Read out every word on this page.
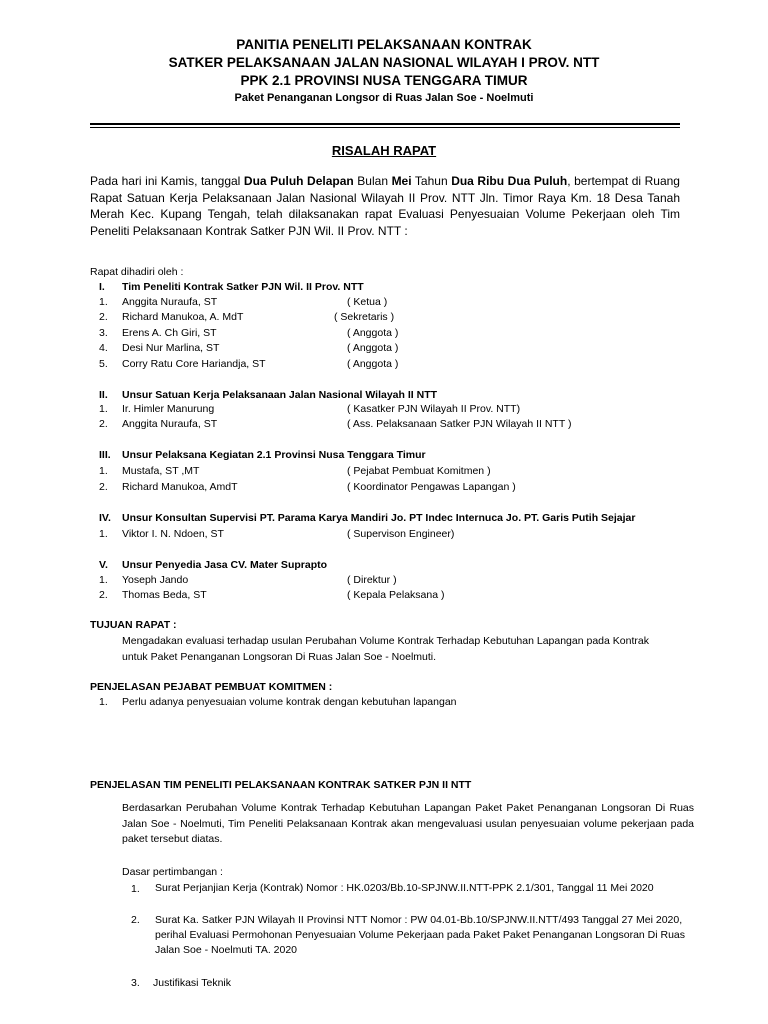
PANITIA PENELITI PELAKSANAAN KONTRAK
SATKER PELAKSANAAN JALAN NASIONAL WILAYAH I PROV. NTT
PPK 2.1 PROVINSI NUSA TENGGARA TIMUR
Paket Penanganan Longsor di Ruas Jalan Soe - Noelmuti
RISALAH RAPAT
Pada hari ini Kamis, tanggal Dua Puluh Delapan Bulan Mei Tahun Dua Ribu Dua Puluh, bertempat di Ruang Rapat Satuan Kerja Pelaksanaan Jalan Nasional Wilayah II Prov. NTT Jln. Timor Raya Km. 18 Desa Tanah Merah Kec. Kupang Tengah, telah dilaksanakan rapat Evaluasi Penyesuaian Volume Pekerjaan oleh Tim Peneliti Pelaksanaan Kontrak Satker PJN Wil. II Prov. NTT :
Rapat dihadiri oleh :
I. Tim Peneliti Kontrak Satker PJN Wil. II Prov. NTT
1. Anggita Nuraufa, ST	( Ketua )
2. Richard Manukoa, A. MdT	( Sekretaris )
3. Erens A. Ch Giri, ST	( Anggota )
4. Desi Nur Marlina, ST	( Anggota )
5. Corry Ratu Core Hariandja, ST	( Anggota )
II. Unsur Satuan Kerja Pelaksanaan Jalan Nasional Wilayah II NTT
1. Ir. Himler Manurung	( Kasatker PJN Wilayah II Prov. NTT)
2. Anggita Nuraufa, ST	( Ass. Pelaksanaan Satker PJN Wilayah II NTT )
III. Unsur Pelaksana Kegiatan 2.1 Provinsi Nusa Tenggara Timur
1. Mustafa, ST ,MT	( Pejabat Pembuat Komitmen )
2. Richard Manukoa, AmdT	( Koordinator Pengawas Lapangan )
IV. Unsur Konsultan Supervisi PT. Parama Karya Mandiri Jo. PT Indec Internuca Jo. PT. Garis Putih Sejajar
1. Viktor I. N. Ndoen, ST	( Supervison Engineer)
V. Unsur Penyedia Jasa CV. Mater Suprapto
1. Yoseph Jando	( Direktur )
2. Thomas Beda, ST	( Kepala Pelaksana )
TUJUAN RAPAT :
Mengadakan evaluasi terhadap usulan Perubahan Volume Kontrak Terhadap Kebutuhan Lapangan pada Kontrak untuk Paket Penanganan Longsoran Di Ruas Jalan Soe - Noelmuti.
PENJELASAN PEJABAT PEMBUAT KOMITMEN :
1. Perlu adanya penyesuaian volume kontrak dengan kebutuhan lapangan
PENJELASAN TIM PENELITI PELAKSANAAN KONTRAK SATKER PJN II NTT
Berdasarkan Perubahan Volume Kontrak Terhadap Kebutuhan Lapangan Paket Paket Penanganan Longsoran Di Ruas Jalan Soe - Noelmuti, Tim Peneliti Pelaksanaan Kontrak akan mengevaluasi usulan penyesuaian volume pekerjaan pada paket tersebut diatas.
Dasar pertimbangan :
1. Surat Perjanjian Kerja (Kontrak) Nomor : HK.0203/Bb.10-SPJNW.II.NTT-PPK 2.1/301, Tanggal 11 Mei 2020
2. Surat Ka. Satker PJN Wilayah II Provinsi NTT Nomor : PW 04.01-Bb.10/SPJNW.II.NTT/493 Tanggal 27 Mei 2020, perihal Evaluasi Permohonan Penyesuaian Volume Pekerjaan pada Paket Paket Penanganan Longsoran Di Ruas Jalan Soe - Noelmuti TA. 2020
3. Justifikasi Teknik
